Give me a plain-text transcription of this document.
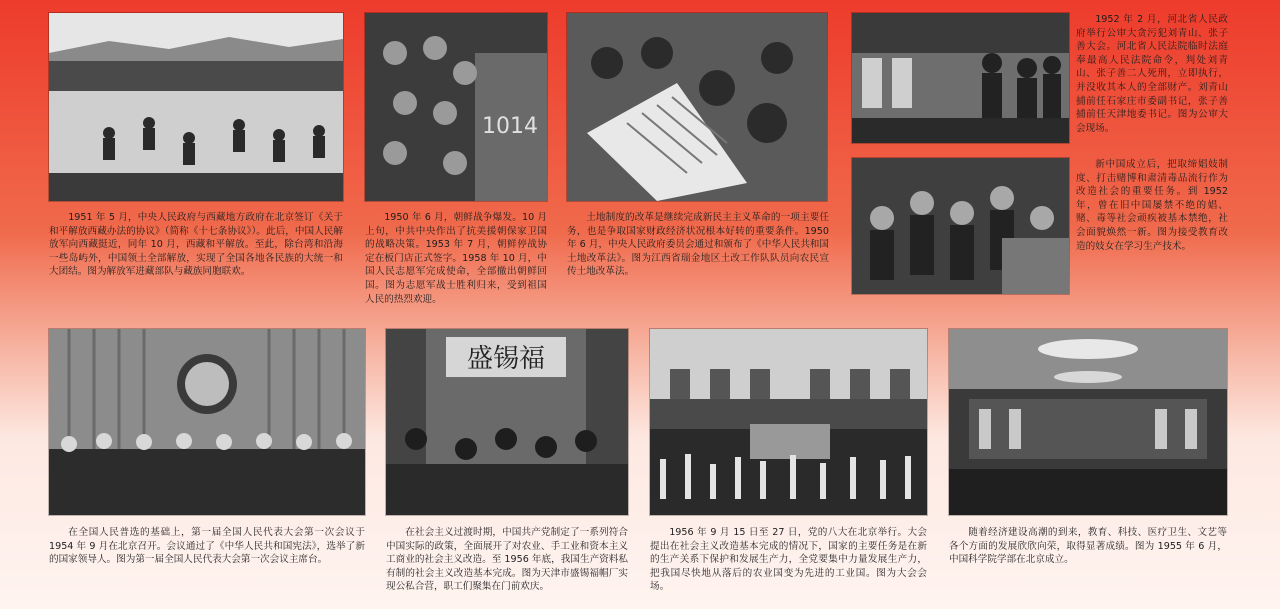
1014

1951 年 5 月，中央人民政府与西藏地方政府在北京签订《关于和平解放西藏办法的协议》（简称《十七条协议》）。此后，中国人民解放军向西藏挺近，同年 10 月，西藏和平解放。至此，除台湾和沿海一些岛屿外，中国领土全部解放，实现了全国各地各民族的大统一和大团结。图为解放军进藏部队与藏族同胞联欢。

1950 年 6 月，朝鲜战争爆发。10 月上旬，中共中央作出了抗美援朝保家卫国的战略决策。1953 年 7 月，朝鲜停战协定在板门店正式签字。1958 年 10 月，中国人民志愿军完成使命，全部撤出朝鲜回国。图为志愿军战士胜利归来，受到祖国人民的热烈欢迎。

土地制度的改革是继续完成新民主主义革命的一项主要任务，也是争取国家财政经济状况根本好转的重要条件。1950 年 6 月，中央人民政府委员会通过和颁布了《中华人民共和国土地改革法》。图为江西省瑞金地区土改工作队队员向农民宣传土地改革法。

1952 年 2 月，河北省人民政府举行公审大贪污犯刘青山、张子善大会。河北省人民法院临时法庭奉最高人民法院命令，判处刘青山、张子善二人死刑，立即执行，并没收其本人的全部财产。刘青山捕前任石家庄市委副书记，张子善捕前任天津地委书记。图为公审大会现场。

新中国成立后，把取缔娼妓制度、打击赌博和肃清毒品流行作为改造社会的重要任务。到 1952 年，曾在旧中国屡禁不绝的娼、赌、毒等社会顽疾被基本禁绝，社会面貌焕然一新。图为接受教育改造的妓女在学习生产技术。

盛锡福

在全国人民普选的基础上，第一届全国人民代表大会第一次会议于 1954 年 9 月在北京召开。会议通过了《中华人民共和国宪法》，选举了新的国家领导人。图为第一届全国人民代表大会第一次会议主席台。

在社会主义过渡时期，中国共产党制定了一系列符合中国实际的政策，全面展开了对农业、手工业和资本主义工商业的社会主义改造。至 1956 年底，我国生产资料私有制的社会主义改造基本完成。图为天津市盛锡福帽厂实现公私合营，职工们聚集在门前欢庆。

1956 年 9 月 15 日至 27 日，党的八大在北京举行。大会提出在社会主义改造基本完成的情况下，国家的主要任务是在新的生产关系下保护和发展生产力，全党要集中力量发展生产力，把我国尽快地从落后的农业国变为先进的工业国。图为大会会场。

随着经济建设高潮的到来，教育、科技、医疗卫生、文艺等各个方面的发展欣欣向荣，取得显著成绩。图为 1955 年 6 月，中国科学院学部在北京成立。
